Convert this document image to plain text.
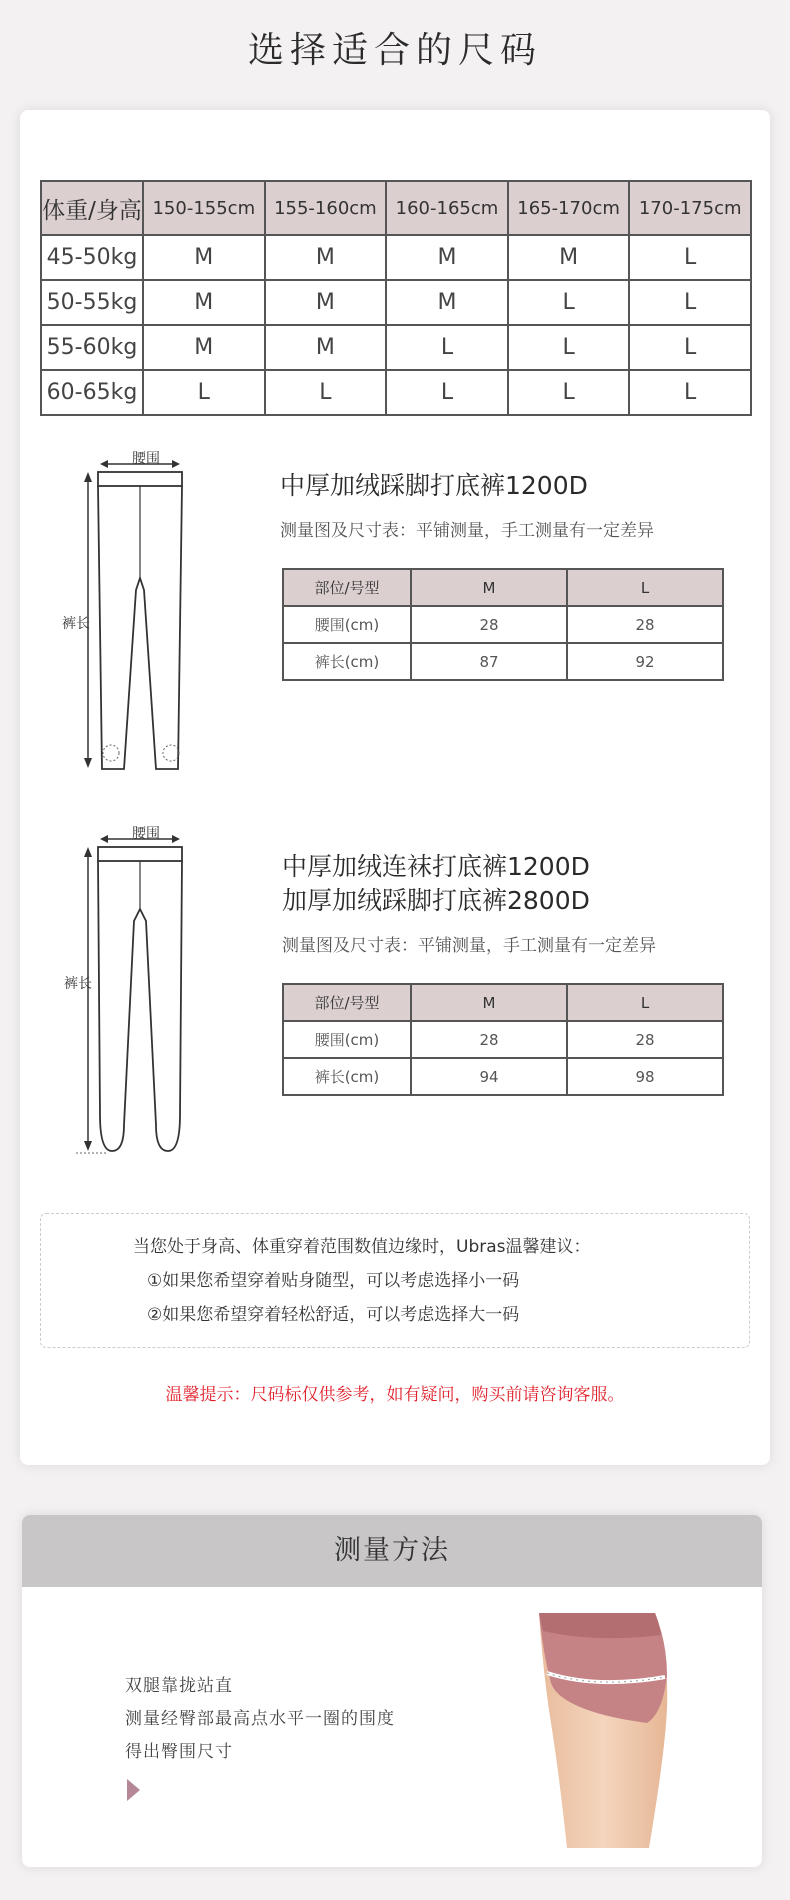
选择适合的尺码
体重/身高	150-155cm	155-160cm	160-165cm	165-170cm	170-175cm
45-50kg	M	M	M	M	L
50-55kg	M	M	M	L	L
55-60kg	M	M	L	L	L
60-65kg	L	L	L	L	L
腰围
裤长
中厚加绒踩脚打底裤1200D
测量图及尺寸表：平铺测量，手工测量有一定差异
部位/号型	M	L
腰围(cm)	28	28
裤长(cm)	87	92
腰围
裤长
中厚加绒连袜打底裤1200D
加厚加绒踩脚打底裤2800D
测量图及尺寸表：平铺测量，手工测量有一定差异
部位/号型	M	L
腰围(cm)	28	28
裤长(cm)	94	98
当您处于身高、体重穿着范围数值边缘时，Ubras温馨建议：
①如果您希望穿着贴身随型，可以考虑选择小一码
②如果您希望穿着轻松舒适，可以考虑选择大一码
温馨提示：尺码标仅供参考，如有疑问，购买前请咨询客服。
测量方法
双腿靠拢站直
测量经臀部最高点水平一圈的围度
得出臀围尺寸
